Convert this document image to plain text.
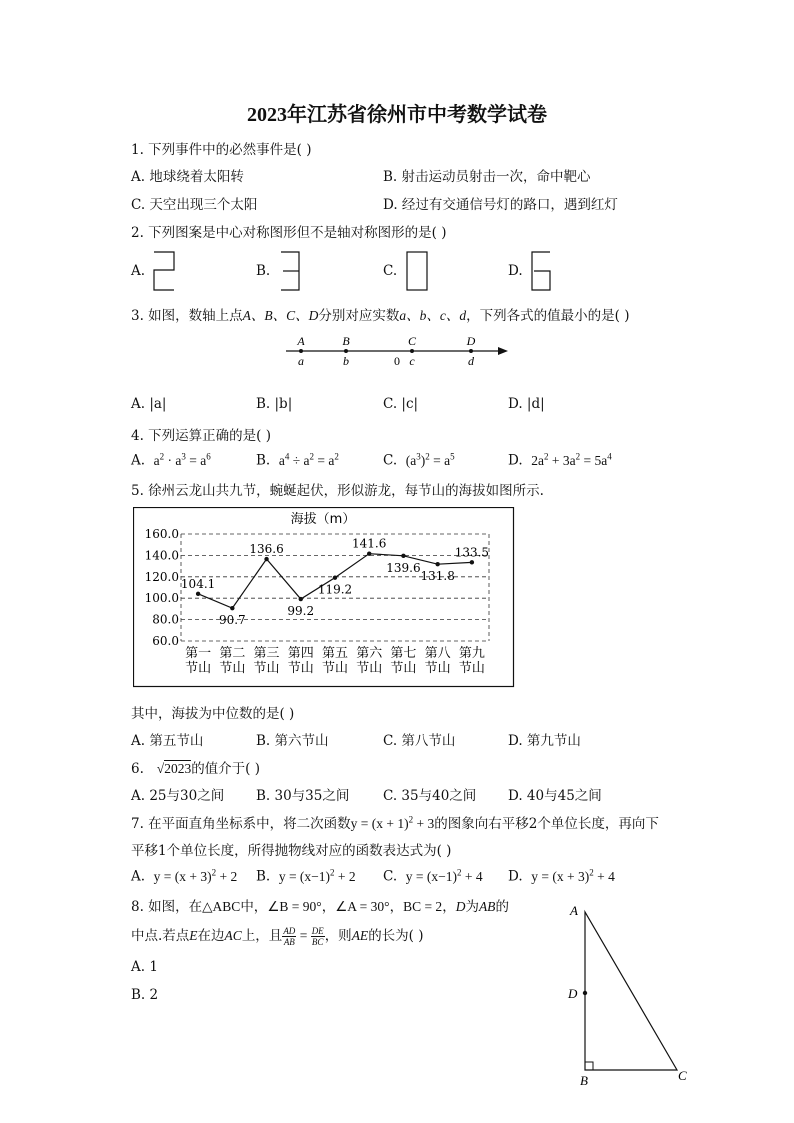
2023年江苏省徐州市中考数学试卷
1. 下列事件中的必然事件是( )
A. 地球绕着太阳转	B. 射击运动员射击一次，命中靶心
C. 天空出现三个太阳	D. 经过有交通信号灯的路口，遇到红灯
2. 下列图案是中心对称图形但不是轴对称图形的是( )
A.	B.	C.	D.
3. 如图，数轴上点A、B、C、D分别对应实数a、b、c、d，下列各式的值最小的是( )
A	B	C	D
a	b	0 c	d
A. |a|	B. |b|	C. |c|	D. |d|
4. 下列运算正确的是( )
A. $a^2 \cdot a^3 = a^6$	B. $a^4 \div a^2 = a^2$	C. $(a^3)^2 = a^5$	D. $2a^2 + 3a^2 = 5a^4$
5. 徐州云龙山共九节，蜿蜒起伏，形似游龙，每节山的海拔如图所示.
海拔（m）
160.0
140.0
120.0
100.0
80.0
60.0
104.1
90.7
136.6
99.2
119.2
141.6
139.6
131.8
133.5
第一
节山
第二
节山
第三
节山
第四
节山
第五
节山
第六
节山
第七
节山
第八
节山
第九
节山
其中，海拔为中位数的是( )
A. 第五节山	B. 第六节山	C. 第八节山	D. 第九节山
6. √2023的值介于( )
A. 25与30之间 B. 30与35之间 C. 35与40之间 D. 40与45之间
7. 在平面直角坐标系中，将二次函数$y = (x + 1)^2 + 3$的图象向右平移2个单位长度，再向下
平移1个单位长度，所得抛物线对应的函数表达式为( )
A. $y = (x + 3)^2 + 2$ B. $y = (x-1)^2 + 2$ C. $y = (x-1)^2 + 4$ D. $y = (x + 3)^2 + 4$
8. 如图，在△ABC中，∠B = 90°，∠A = 30°，BC = 2，D为AB的
中点.若点E在边AC上，且 $\frac{AD}{AB} = \frac{DE}{BC}$ ，则AE的长为( )
A. 1
B. 2
A
D
B	C
